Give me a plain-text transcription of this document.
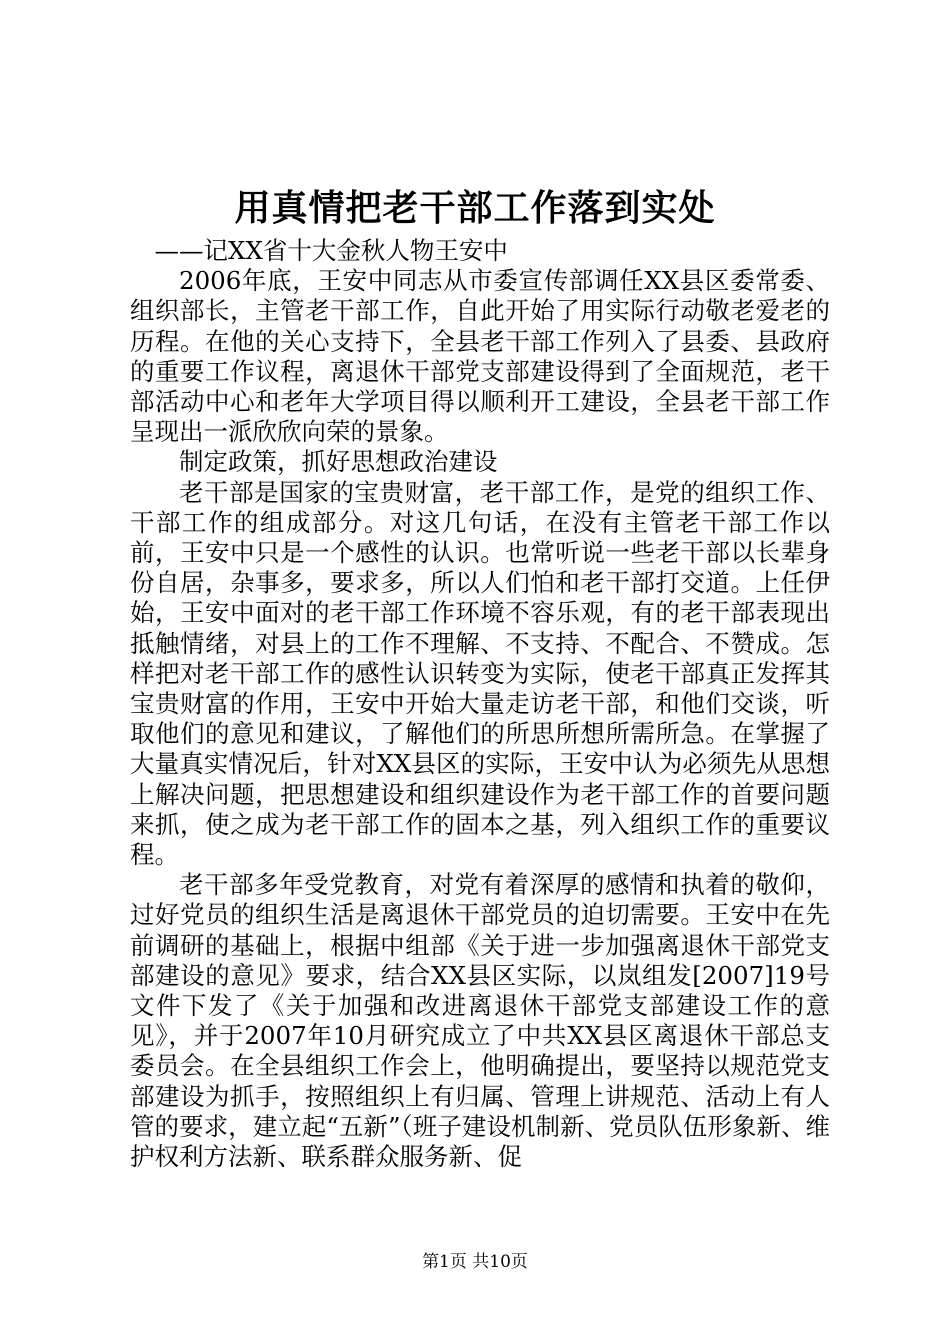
用真情把老干部工作落到实处

——记XX省十大金秋人物王安中

2006年底，王安中同志从市委宣传部调任XX县区委常委、组织部长，主管老干部工作，自此开始了用实际行动敬老爱老的历程。在他的关心支持下，全县老干部工作列入了县委、县政府的重要工作议程，离退休干部党支部建设得到了全面规范，老干部活动中心和老年大学项目得以顺利开工建设，全县老干部工作呈现出一派欣欣向荣的景象。

制定政策，抓好思想政治建设

老干部是国家的宝贵财富，老干部工作，是党的组织工作、干部工作的组成部分。对这几句话，在没有主管老干部工作以前，王安中只是一个感性的认识。也常听说一些老干部以长辈身份自居，杂事多，要求多，所以人们怕和老干部打交道。上任伊始，王安中面对的老干部工作环境不容乐观，有的老干部表现出抵触情绪，对县上的工作不理解、不支持、不配合、不赞成。怎样把对老干部工作的感性认识转变为实际，使老干部真正发挥其宝贵财富的作用，王安中开始大量走访老干部，和他们交谈，听取他们的意见和建议，了解他们的所思所想所需所急。在掌握了大量真实情况后，针对XX县区的实际，王安中认为必须先从思想上解决问题，把思想建设和组织建设作为老干部工作的首要问题来抓，使之成为老干部工作的固本之基，列入组织工作的重要议程。

老干部多年受党教育，对党有着深厚的感情和执着的敬仰，过好党员的组织生活是离退休干部党员的迫切需要。王安中在先前调研的基础上，根据中组部《关于进一步加强离退休干部党支部建设的意见》要求，结合XX县区实际，以岚组发[2007]19号文件下发了《关于加强和改进离退休干部党支部建设工作的意见》，并于2007年10月研究成立了中共XX县区离退休干部总支委员会。在全县组织工作会上，他明确提出，要坚持以规范党支部建设为抓手，按照组织上有归属、管理上讲规范、活动上有人管的要求，建立起“五新”（班子建设机制新、党员队伍形象新、维护权利方法新、联系群众服务新、促

第1页 共10页
